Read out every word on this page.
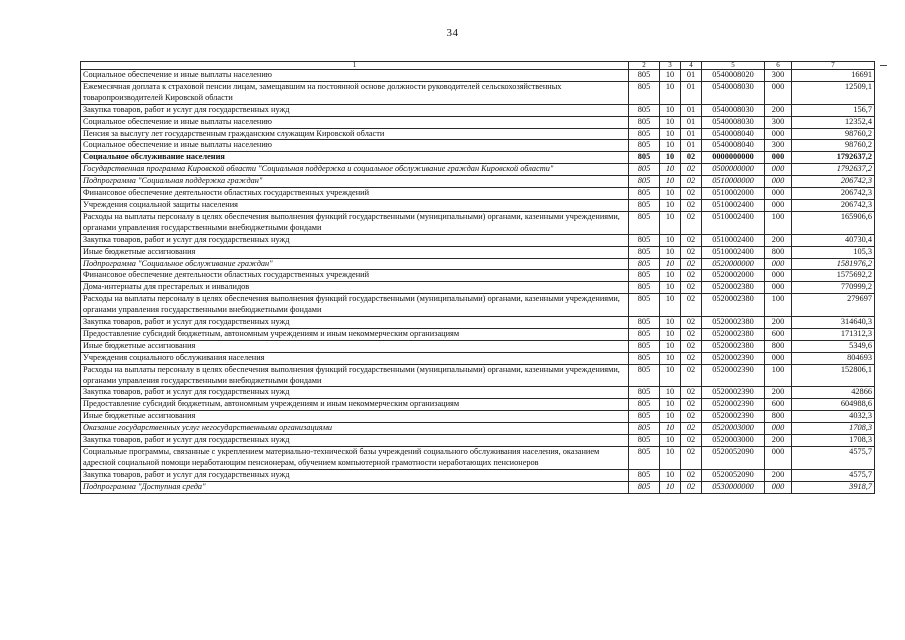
34
1	2	3	4	5	6	7
Социальное обеспечение и иные выплаты населению	805	10	01	0540008020	300	16691
Ежемесячная доплата к страховой пенсии лицам, замещавшим на постоянной основе должности руководителей сельскохозяйственных товаропроизводителей Кировской области	805	10	01	0540008030	000	12509,1
Закупка товаров, работ и услуг для государственных нужд	805	10	01	0540008030	200	156,7
Социальное обеспечение и иные выплаты населению	805	10	01	0540008030	300	12352,4
Пенсия за выслугу лет государственным гражданским служащим Кировской области	805	10	01	0540008040	000	98760,2
Социальное обеспечение и иные выплаты населению	805	10	01	0540008040	300	98760,2
Социальное обслуживание населения	805	10	02	0000000000	000	1792637,2
Государственная программа Кировской области "Социальная поддержка и социальное обслуживание граждан Кировской области"	805	10	02	0500000000	000	1792637,2
Подпрограмма "Социальная поддержка граждан"	805	10	02	0510000000	000	206742,3
Финансовое обеспечение деятельности областных государственных учреждений	805	10	02	0510002000	000	206742,3
Учреждения социальной защиты населения	805	10	02	0510002400	000	206742,3
Расходы на выплаты персоналу в целях обеспечения выполнения функций государственными (муниципальными) органами, казенными учреждениями, органами управления государственными внебюджетными фондами	805	10	02	0510002400	100	165906,6
Закупка товаров, работ и услуг для государственных нужд	805	10	02	0510002400	200	40730,4
Иные бюджетные ассигнования	805	10	02	0510002400	800	105,3
Подпрограмма "Социальное обслуживание граждан"	805	10	02	0520000000	000	1581976,2
Финансовое обеспечение деятельности областных государственных учреждений	805	10	02	0520002000	000	1575692,2
Дома-интернаты для престарелых и инвалидов	805	10	02	0520002380	000	770999,2
Расходы на выплаты персоналу в целях обеспечения выполнения функций государственными (муниципальными) органами, казенными учреждениями, органами управления государственными внебюджетными фондами	805	10	02	0520002380	100	279697
Закупка товаров, работ и услуг для государственных нужд	805	10	02	0520002380	200	314640,3
Предоставление субсидий бюджетным, автономным учреждениям и иным некоммерческим организациям	805	10	02	0520002380	600	171312,3
Иные бюджетные ассигнования	805	10	02	0520002380	800	5349,6
Учреждения социального обслуживания населения	805	10	02	0520002390	000	804693
Расходы на выплаты персоналу в целях обеспечения выполнения функций государственными (муниципальными) органами, казенными учреждениями, органами управления государственными внебюджетными фондами	805	10	02	0520002390	100	152806,1
Закупка товаров, работ и услуг для государственных нужд	805	10	02	0520002390	200	42866
Предоставление субсидий бюджетным, автономным учреждениям и иным некоммерческим организациям	805	10	02	0520002390	600	604988,6
Иные бюджетные ассигнования	805	10	02	0520002390	800	4032,3
Оказание государственных услуг негосударственными организациями	805	10	02	0520003000	000	1708,3
Закупка товаров, работ и услуг для государственных нужд	805	10	02	0520003000	200	1708,3
Социальные программы, связанные с укреплением материально-технической базы учреждений социального обслуживания населения, оказанием адресной социальной помощи неработающим пенсионерам, обучением компьютерной грамотности неработающих пенсионеров	805	10	02	0520052090	000	4575,7
Закупка товаров, работ и услуг для государственных нужд	805	10	02	0520052090	200	4575,7
Подпрограмма "Доступная среда"	805	10	02	0530000000	000	3918,7
